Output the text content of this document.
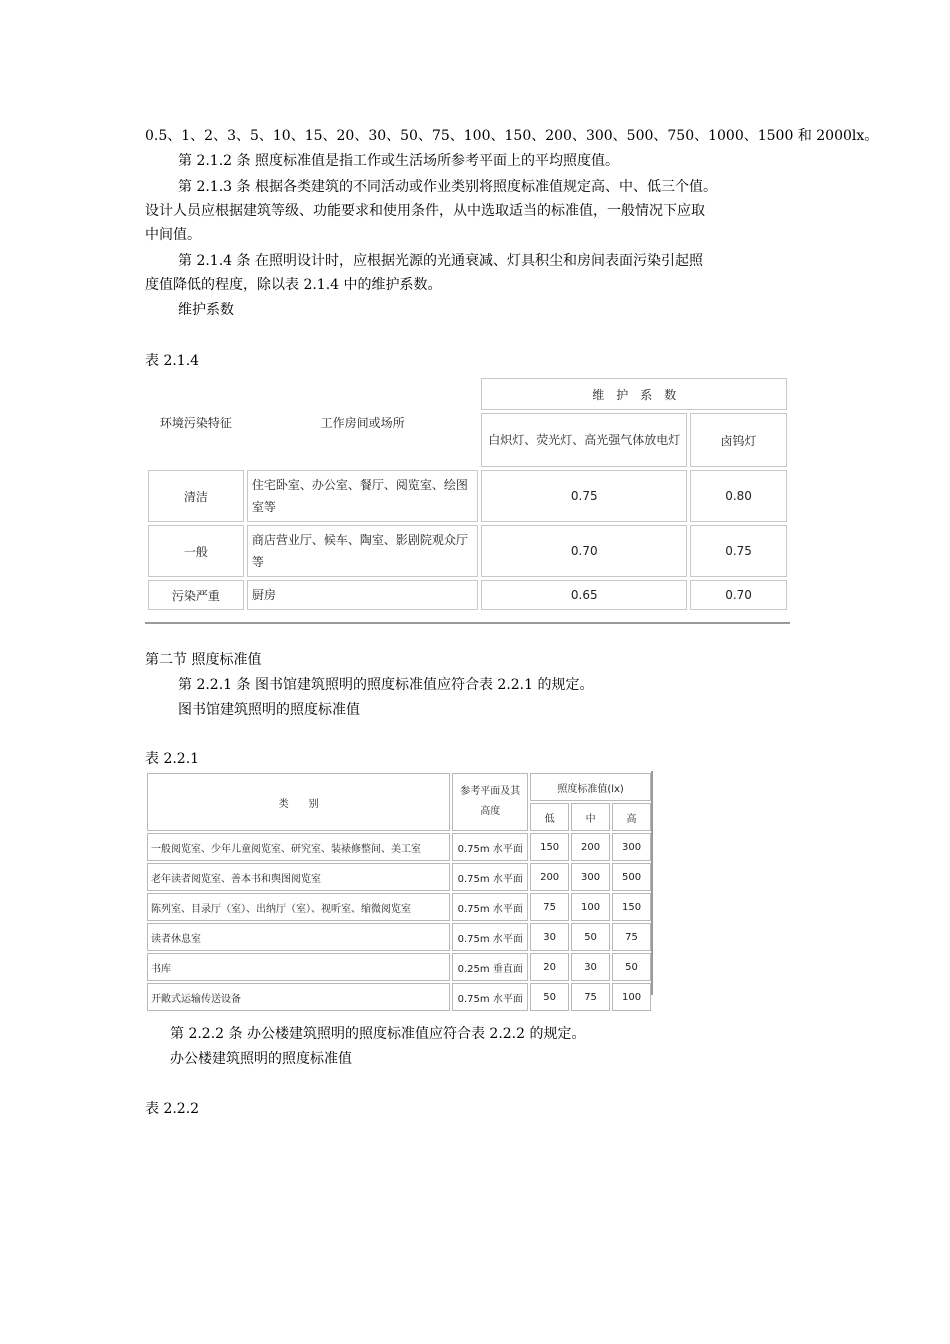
0.5、1、2、3、5、10、15、20、30、50、75、100、150、200、300、500、750、1000、1500 和 2000lx。
第 2.1.2 条 照度标准值是指工作或生活场所参考平面上的平均照度值。
第 2.1.3 条 根据各类建筑的不同活动或作业类别将照度标准值规定高、中、低三个值。
设计人员应根据建筑等级、功能要求和使用条件，从中选取适当的标准值，一般情况下应取
中间值。
第 2.1.4 条 在照明设计时，应根据光源的光通衰减、灯具积尘和房间表面污染引起照
度值降低的程度，除以表 2.1.4 中的维护系数。
维护系数
表 2.1.4
环境污染特征	工作房间或场所	维　护　系　数	
		白炽灯、荧光灯、高光强气体放电灯	卤钨灯
清洁	住宅卧室、办公室、餐厅、阅览室、绘图室等	0.75	0.80
一般	商店营业厅、候车、陶室、影剧院观众厅等	0.70	0.75
污染严重	厨房	0.65	0.70
第二节 照度标准值
第 2.2.1 条 图书馆建筑照明的照度标准值应符合表 2.2.1 的规定。
图书馆建筑照明的照度标准值
表 2.2.1
类　　别	参考平面及其高度	照度标准值(lx)		
		低	中	高
一般阅览室、少年儿童阅览室、研究室、装裱修整间、美工室	0.75m 水平面	150	200	300
老年读者阅览室、善本书和舆图阅览室	0.75m 水平面	200	300	500
陈列室、目录厅（室）、出纳厅（室）、视听室、缩微阅览室	0.75m 水平面	75	100	150
读者休息室	0.75m 水平面	30	50	75
书库	0.25m 垂直面	20	30	50
开敞式运输传送设备	0.75m 水平面	50	75	100
第 2.2.2 条 办公楼建筑照明的照度标准值应符合表 2.2.2 的规定。
办公楼建筑照明的照度标准值
表 2.2.2
